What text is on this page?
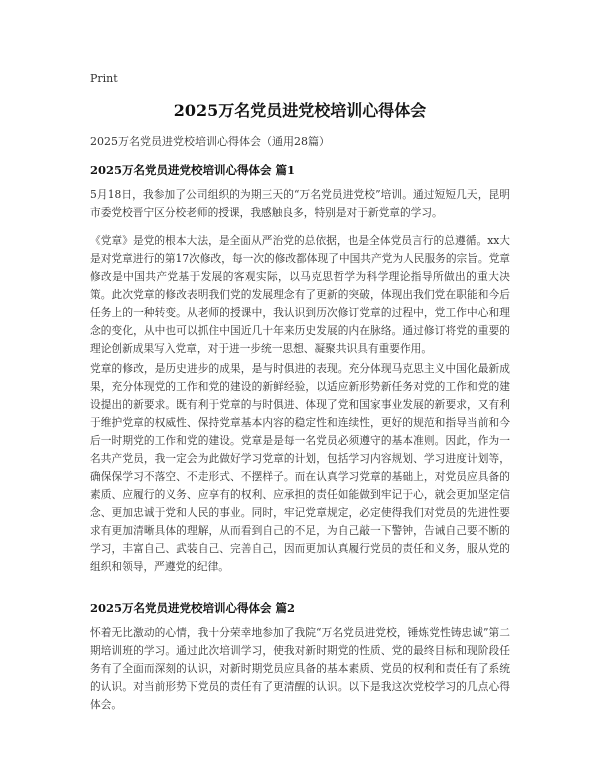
Print
2025万名党员进党校培训心得体会
2025万名党员进党校培训心得体会（通用28篇）
2025万名党员进党校培训心得体会 篇1
5月18日，我参加了公司组织的为期三天的“万名党员进党校”培训。通过短短几天，昆明市委党校晋宁区分校老师的授课，我感触良多，特别是对于新党章的学习。
《党章》是党的根本大法，是全面从严治党的总依据，也是全体党员言行的总遵循。xx大是对党章进行的第17次修改，每一次的修改都体现了中国共产党为人民服务的宗旨。党章修改是中国共产党基于发展的客观实际，以马克思哲学为科学理论指导所做出的重大决策。此次党章的修改表明我们党的发展理念有了更新的突破，体现出我们党在职能和今后任务上的一种转变。从老师的授课中，我认识到历次修订党章的过程中，党工作中心和理念的变化，从中也可以抓住中国近几十年来历史发展的内在脉络。通过修订将党的重要的理论创新成果写入党章，对于进一步统一思想、凝聚共识具有重要作用。
党章的修改，是历史进步的成果，是与时俱进的表现。充分体现马克思主义中国化最新成果，充分体现党的工作和党的建设的新鲜经验，以适应新形势新任务对党的工作和党的建设提出的新要求。既有利于党章的与时俱进、体现了党和国家事业发展的新要求，又有利于维护党章的权威性、保持党章基本内容的稳定性和连续性，更好的规范和指导当前和今后一时期党的工作和党的建设。党章是是每一名党员必须遵守的基本准则。因此，作为一名共产党员，我一定会为此做好学习党章的计划，包括学习内容规划、学习进度计划等，确保保学习不落空、不走形式、不摆样子。而在认真学习党章的基础上，对党员应具备的素质、应履行的义务、应享有的权利、应承担的责任如能做到牢记于心，就会更加坚定信念、更加忠诚于党和人民的事业。同时，牢记党章规定，必定使得我们对党员的先进性要求有更加清晰具体的理解，从而看到自己的不足，为自己敲一下警钟，告诫自己要不断的学习，丰富自己、武装自己、完善自己，因而更加认真履行党员的责任和义务，服从党的组织和领导，严遵党的纪律。
2025万名党员进党校培训心得体会 篇2
怀着无比激动的心情，我十分荣幸地参加了我院“万名党员进党校，锤炼党性铸忠诚”第二期培训班的学习。通过此次培训学习，使我对新时期党的性质、党的最终目标和现阶段任务有了全面而深刻的认识，对新时期党员应具备的基本素质、党员的权利和责任有了系统的认识。对当前形势下党员的责任有了更清醒的认识。以下是我这次党校学习的几点心得体会。
